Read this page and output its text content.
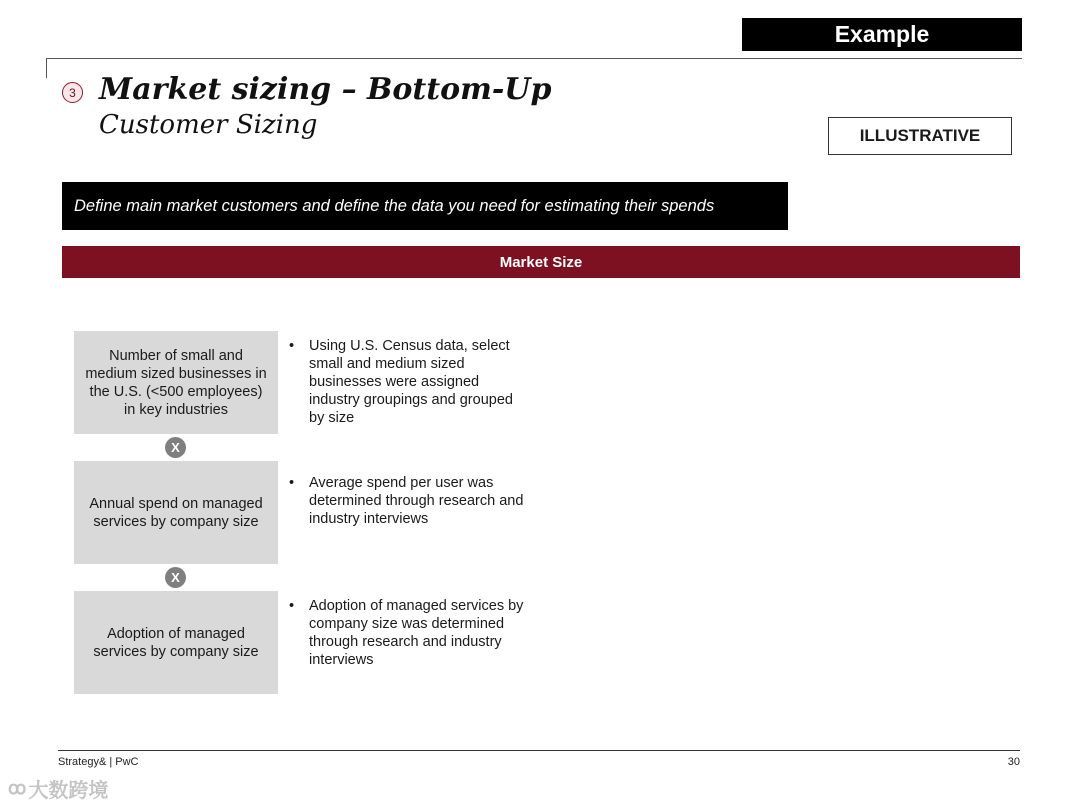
Example
3 Market sizing – Bottom-Up
Customer Sizing	ILLUSTRATIVE
Define main market customers and define the data you need for estimating their spends
Market Size
Number of small and medium sized businesses in the U.S. (<500 employees) in key industries
•	Using U.S. Census data, select small and medium sized businesses were assigned industry groupings and grouped by size
X
Annual spend on managed services by company size
•	Average spend per user was determined through research and industry interviews
X
Adoption of managed services by company size
•	Adoption of managed services by company size was determined through research and industry interviews
Strategy& | PwC	30
ꝏ 大数跨境
